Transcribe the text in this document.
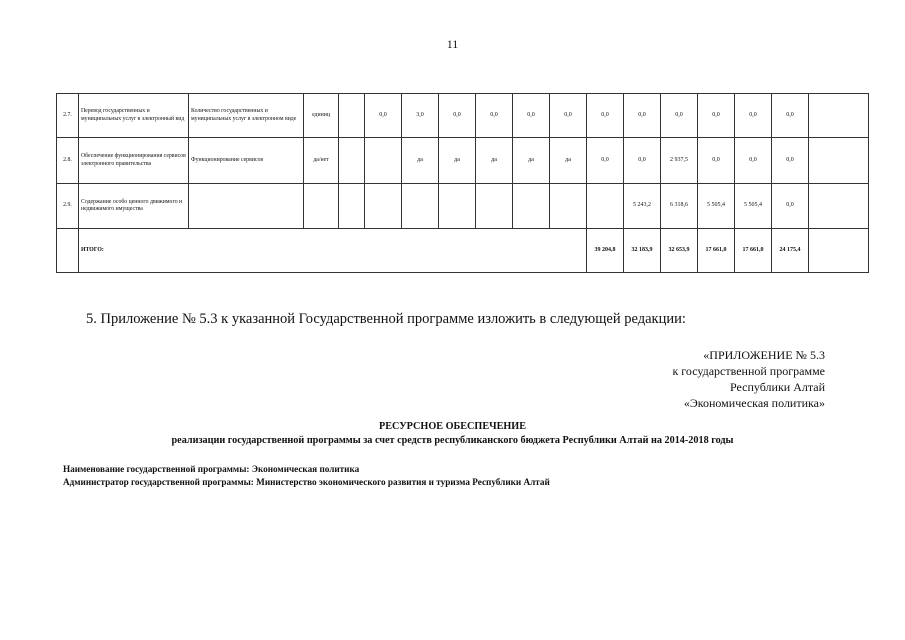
11
2.7.	Перевод государственных и муниципальных услуг в электронный вид	Количество государственных и муниципальных услуг в электронном виде	единиц		0,0	3,0	0,0	0,0	0,0	0,0	0,0	0,0	0,0	0,0	0,0	0,0	
2.8.	Обеспечение функционирования сервисов электронного правительства	Функционирование сервисов	да/нет			да	да	да	да	да	0,0	0,0	2 937,5	0,0	0,0	0,0	
2.9.	Содержание особо ценного движимого и недвижимого имущества											5 243,2	6 318,6	5 505,4	5 505,4	0,0	
	ИТОГО:										39 204,8	32 183,9	32 653,9	17 661,0	17 661,0	24 175,4	
5. Приложение № 5.3 к указанной Государственной программе изложить в следующей редакции:
«ПРИЛОЖЕНИЕ № 5.3
к государственной программе
Республики Алтай
«Экономическая политика»
РЕСУРСНОЕ ОБЕСПЕЧЕНИЕ
реализации государственной программы за счет средств республиканского бюджета Республики Алтай на 2014-2018 годы
Наименование государственной программы: Экономическая политика
Администратор государственной программы: Министерство экономического развития и туризма Республики Алтай
